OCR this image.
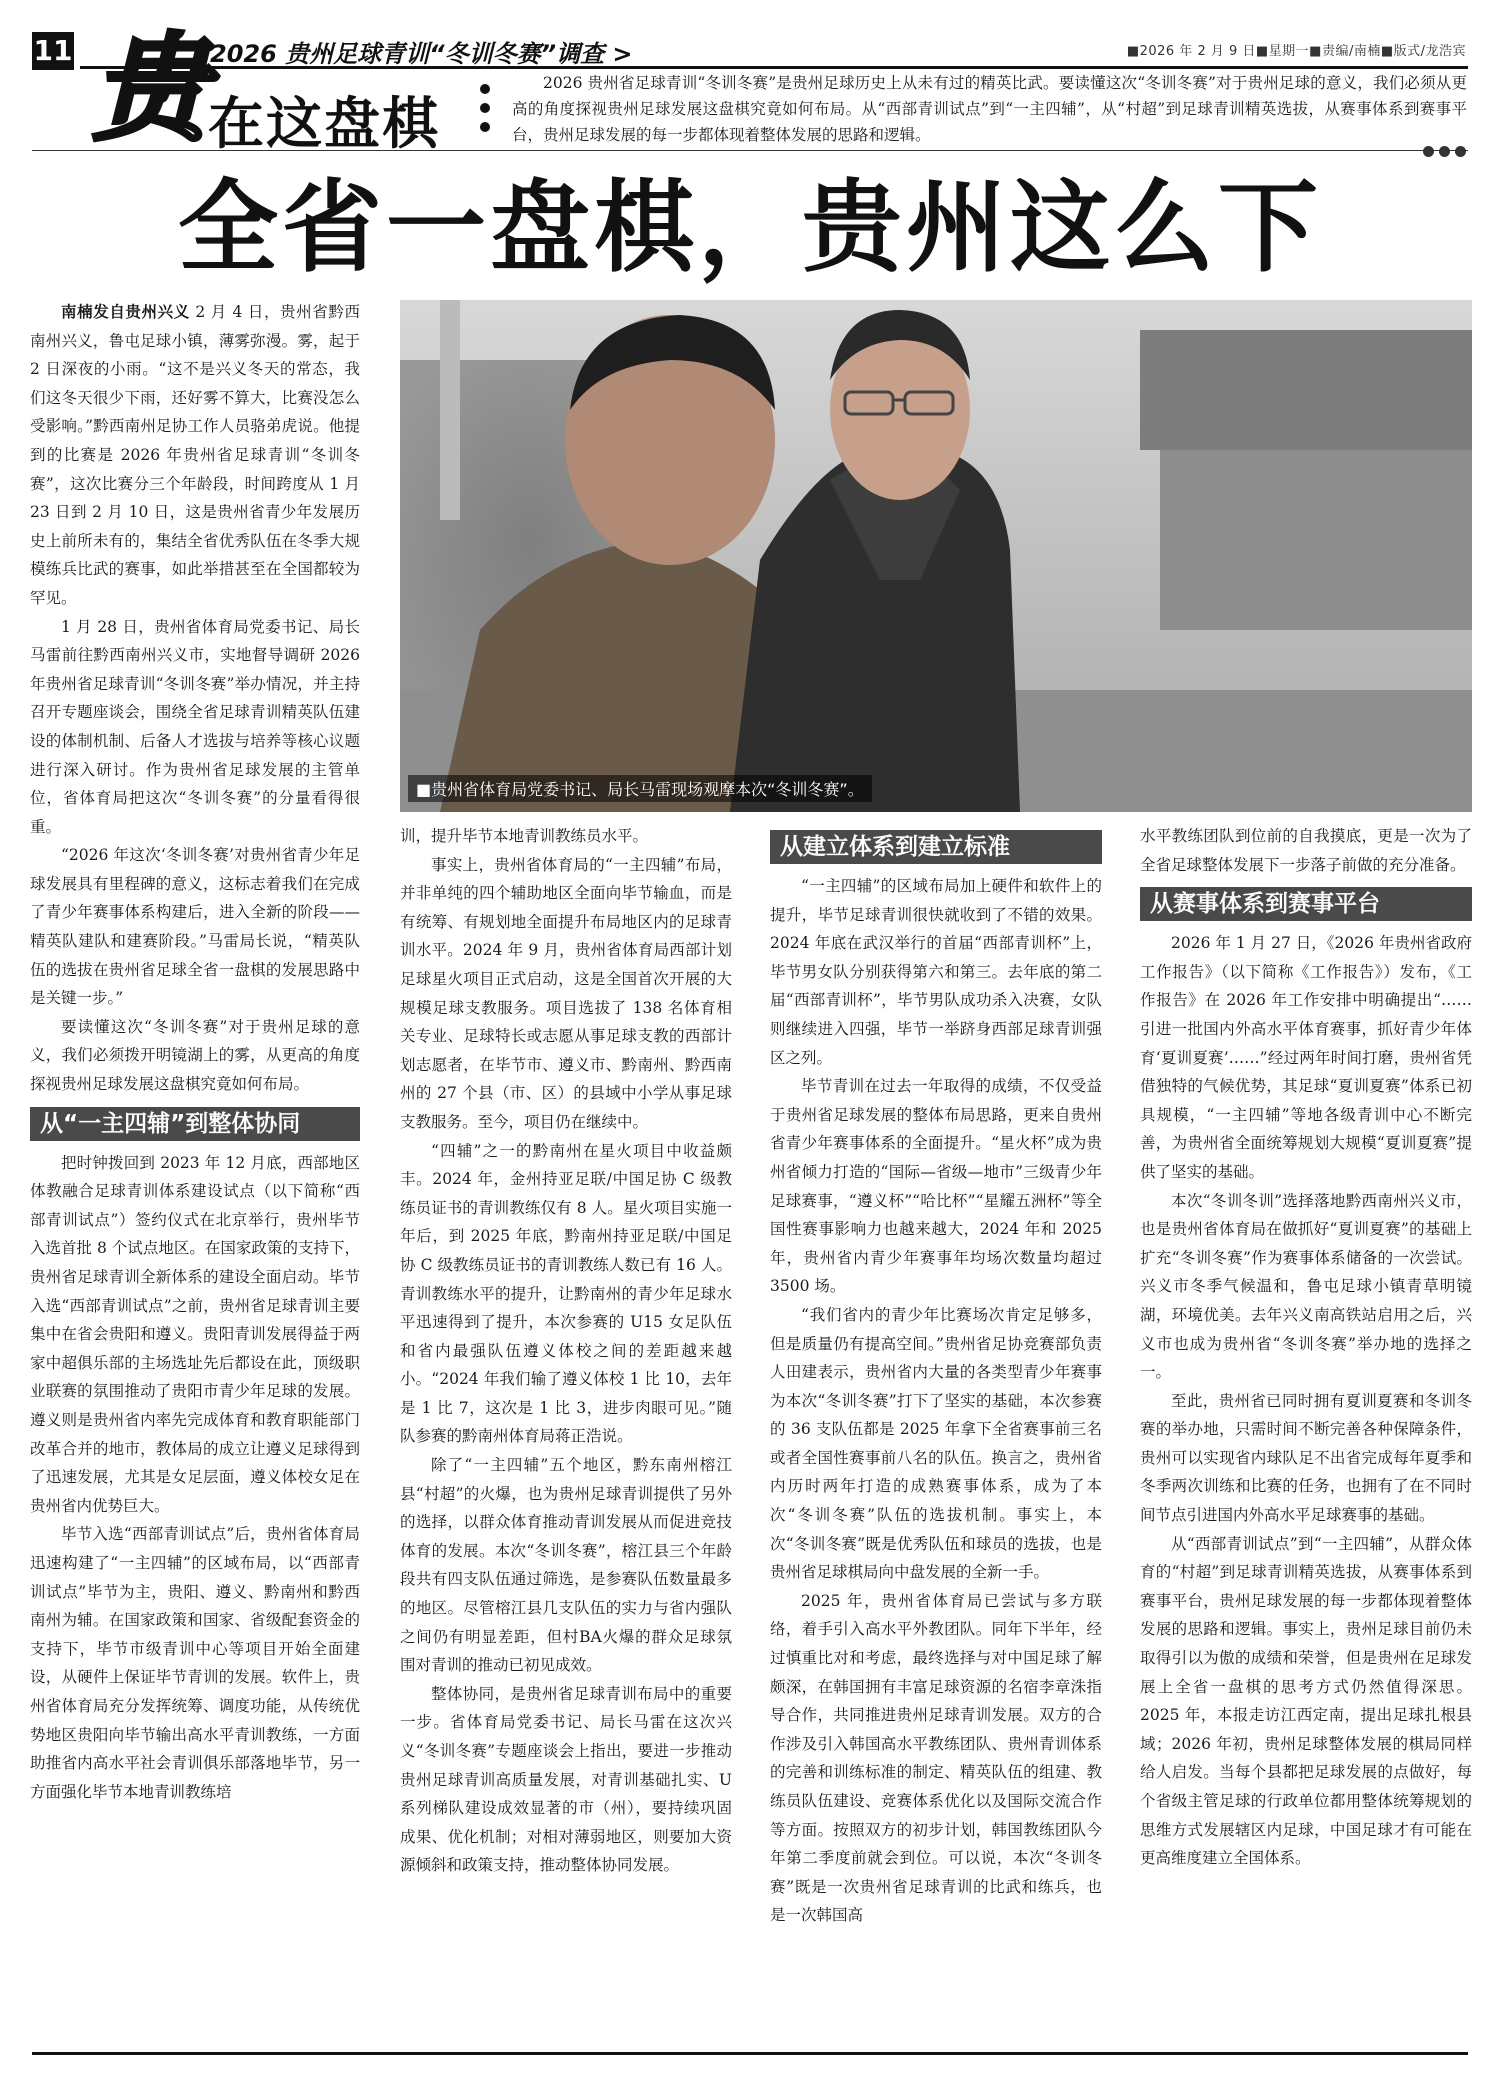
11	2026 贵州足球青训“冬训冬赛”调查 >	■2026 年 2 月 9 日■星期一■责编/南楠■版式/龙浩宾
贵 在这盘棋
2026 贵州省足球青训“冬训冬赛”是贵州足球历史上从未有过的精英比武。要读懂这次“冬训冬赛”对于贵州足球的意义，我们必须从更高的角度探视贵州足球发展这盘棋究竟如何布局。从“西部青训试点”到“一主四辅”，从“村超”到足球青训精英选拔，从赛事体系到赛事平台，贵州足球发展的每一步都体现着整体发展的思路和逻辑。
全省一盘棋，贵州这么下
■贵州省体育局党委书记、局长马雷现场观摩本次“冬训冬赛”。

南楠发自贵州兴义 2 月 4 日，贵州省黔西南州兴义，鲁屯足球小镇，薄雾弥漫。雾，起于 2 日深夜的小雨。“这不是兴义冬天的常态，我们这冬天很少下雨，还好雾不算大，比赛没怎么受影响。”黔西南州足协工作人员骆弟虎说。他提到的比赛是 2026 年贵州省足球青训“冬训冬赛”，这次比赛分三个年龄段，时间跨度从 1 月 23 日到 2 月 10 日，这是贵州省青少年发展历史上前所未有的，集结全省优秀队伍在冬季大规模练兵比武的赛事，如此举措甚至在全国都较为罕见。

1 月 28 日，贵州省体育局党委书记、局长马雷前往黔西南州兴义市，实地督导调研 2026 年贵州省足球青训“冬训冬赛”举办情况，并主持召开专题座谈会，围绕全省足球青训精英队伍建设的体制机制、后备人才选拔与培养等核心议题进行深入研讨。作为贵州省足球发展的主管单位，省体育局把这次“冬训冬赛”的分量看得很重。

“2026 年这次‘冬训冬赛’对贵州省青少年足球发展具有里程碑的意义，这标志着我们在完成了青少年赛事体系构建后，进入全新的阶段——精英队建队和建赛阶段。”马雷局长说，“精英队伍的选拔在贵州省足球全省一盘棋的发展思路中是关键一步。”

要读懂这次“冬训冬赛”对于贵州足球的意义，我们必须拨开明镜湖上的雾，从更高的角度探视贵州足球发展这盘棋究竟如何布局。

从“一主四辅”到整体协同

把时钟拨回到 2023 年 12 月底，西部地区体教融合足球青训体系建设试点（以下简称“西部青训试点”）签约仪式在北京举行，贵州毕节入选首批 8 个试点地区。在国家政策的支持下，贵州省足球青训全新体系的建设全面启动。毕节入选“西部青训试点”之前，贵州省足球青训主要集中在省会贵阳和遵义。贵阳青训发展得益于两家中超俱乐部的主场选址先后都设在此，顶级职业联赛的氛围推动了贵阳市青少年足球的发展。遵义则是贵州省内率先完成体育和教育职能部门改革合并的地市，教体局的成立让遵义足球得到了迅速发展，尤其是女足层面，遵义体校女足在贵州省内优势巨大。

毕节入选“西部青训试点”后，贵州省体育局迅速构建了“一主四辅”的区域布局，以“西部青训试点”毕节为主，贵阳、遵义、黔南州和黔西南州为辅。在国家政策和国家、省级配套资金的支持下，毕节市级青训中心等项目开始全面建设，从硬件上保证毕节青训的发展。软件上，贵州省体育局充分发挥统筹、调度功能，从传统优势地区贵阳向毕节输出高水平青训教练，一方面助推省内高水平社会青训俱乐部落地毕节，另一方面强化毕节本地青训教练培

训，提升毕节本地青训教练员水平。

事实上，贵州省体育局的“一主四辅”布局，并非单纯的四个辅助地区全面向毕节输血，而是有统筹、有规划地全面提升布局地区内的足球青训水平。2024 年 9 月，贵州省体育局西部计划足球星火项目正式启动，这是全国首次开展的大规模足球支教服务。项目选拔了 138 名体育相关专业、足球特长或志愿从事足球支教的西部计划志愿者，在毕节市、遵义市、黔南州、黔西南州的 27 个县（市、区）的县域中小学从事足球支教服务。至今，项目仍在继续中。

“四辅”之一的黔南州在星火项目中收益颇丰。2024 年，金州持亚足联/中国足协 C 级教练员证书的青训教练仅有 8 人。星火项目实施一年后，到 2025 年底，黔南州持亚足联/中国足协 C 级教练员证书的青训教练人数已有 16 人。青训教练水平的提升，让黔南州的青少年足球水平迅速得到了提升，本次参赛的 U15 女足队伍和省内最强队伍遵义体校之间的差距越来越小。“2024 年我们输了遵义体校 1 比 10，去年是 1 比 7，这次是 1 比 3，进步肉眼可见。”随队参赛的黔南州体育局蒋正浩说。

除了“一主四辅”五个地区，黔东南州榕江县“村超”的火爆，也为贵州足球青训提供了另外的选择，以群众体育推动青训发展从而促进竞技体育的发展。本次“冬训冬赛”，榕江县三个年龄段共有四支队伍通过筛选，是参赛队伍数量最多的地区。尽管榕江县几支队伍的实力与省内强队之间仍有明显差距，但村BA火爆的群众足球氛围对青训的推动已初见成效。

整体协同，是贵州省足球青训布局中的重要一步。省体育局党委书记、局长马雷在这次兴义“冬训冬赛”专题座谈会上指出，要进一步推动贵州足球青训高质量发展，对青训基础扎实、U 系列梯队建设成效显著的市（州），要持续巩固成果、优化机制；对相对薄弱地区，则要加大资源倾斜和政策支持，推动整体协同发展。

从建立体系到建立标准

“一主四辅”的区域布局加上硬件和软件上的提升，毕节足球青训很快就收到了不错的效果。2024 年底在武汉举行的首届“西部青训杯”上，毕节男女队分别获得第六和第三。去年底的第二届“西部青训杯”，毕节男队成功杀入决赛，女队则继续进入四强，毕节一举跻身西部足球青训强区之列。

毕节青训在过去一年取得的成绩，不仅受益于贵州省足球发展的整体布局思路，更来自贵州省青少年赛事体系的全面提升。“星火杯”成为贵州省倾力打造的“国际—省级—地市”三级青少年足球赛事，“遵义杯”“哈比杯”“星耀五洲杯”等全国性赛事影响力也越来越大，2024 年和 2025 年，贵州省内青少年赛事年均场次数量均超过 3500 场。

“我们省内的青少年比赛场次肯定足够多，但是质量仍有提高空间。”贵州省足协竞赛部负责人田建表示，贵州省内大量的各类型青少年赛事为本次“冬训冬赛”打下了坚实的基础，本次参赛的 36 支队伍都是 2025 年拿下全省赛事前三名或者全国性赛事前八名的队伍。换言之，贵州省内历时两年打造的成熟赛事体系，成为了本次“冬训冬赛”队伍的选拔机制。事实上，本次“冬训冬赛”既是优秀队伍和球员的选拔，也是贵州省足球棋局向中盘发展的全新一手。

2025 年，贵州省体育局已尝试与多方联络，着手引入高水平外教团队。同年下半年，经过慎重比对和考虑，最终选择与对中国足球了解颇深，在韩国拥有丰富足球资源的名宿李章洙指导合作，共同推进贵州足球青训发展。双方的合作涉及引入韩国高水平教练团队、贵州青训体系的完善和训练标准的制定、精英队伍的组建、教练员队伍建设、竞赛体系优化以及国际交流合作等方面。按照双方的初步计划，韩国教练团队今年第二季度前就会到位。可以说，本次“冬训冬赛”既是一次贵州省足球青训的比武和练兵，也是一次韩国高

水平教练团队到位前的自我摸底，更是一次为了全省足球整体发展下一步落子前做的充分准备。

从赛事体系到赛事平台

2026 年 1 月 27 日，《2026 年贵州省政府工作报告》（以下简称《工作报告》）发布，《工作报告》在 2026 年工作安排中明确提出“……引进一批国内外高水平体育赛事，抓好青少年体育‘夏训夏赛’……”经过两年时间打磨，贵州省凭借独特的气候优势，其足球“夏训夏赛”体系已初具规模，“一主四辅”等地各级青训中心不断完善，为贵州省全面统筹规划大规模“夏训夏赛”提供了坚实的基础。

本次“冬训冬训”选择落地黔西南州兴义市，也是贵州省体育局在做抓好“夏训夏赛”的基础上扩充“冬训冬赛”作为赛事体系储备的一次尝试。兴义市冬季气候温和，鲁屯足球小镇青草明镜湖，环境优美。去年兴义南高铁站启用之后，兴义市也成为贵州省“冬训冬赛”举办地的选择之一。

至此，贵州省已同时拥有夏训夏赛和冬训冬赛的举办地，只需时间不断完善各种保障条件，贵州可以实现省内球队足不出省完成每年夏季和冬季两次训练和比赛的任务，也拥有了在不同时间节点引进国内外高水平足球赛事的基础。

从“西部青训试点”到“一主四辅”，从群众体育的“村超”到足球青训精英选拔，从赛事体系到赛事平台，贵州足球发展的每一步都体现着整体发展的思路和逻辑。事实上，贵州足球目前仍未取得引以为傲的成绩和荣誉，但是贵州在足球发展上全省一盘棋的思考方式仍然值得深思。2025 年，本报走访江西定南，提出足球扎根县域；2026 年初，贵州足球整体发展的棋局同样给人启发。当每个县都把足球发展的点做好，每个省级主管足球的行政单位都用整体统筹规划的思维方式发展辖区内足球，中国足球才有可能在更高维度建立全国体系。
